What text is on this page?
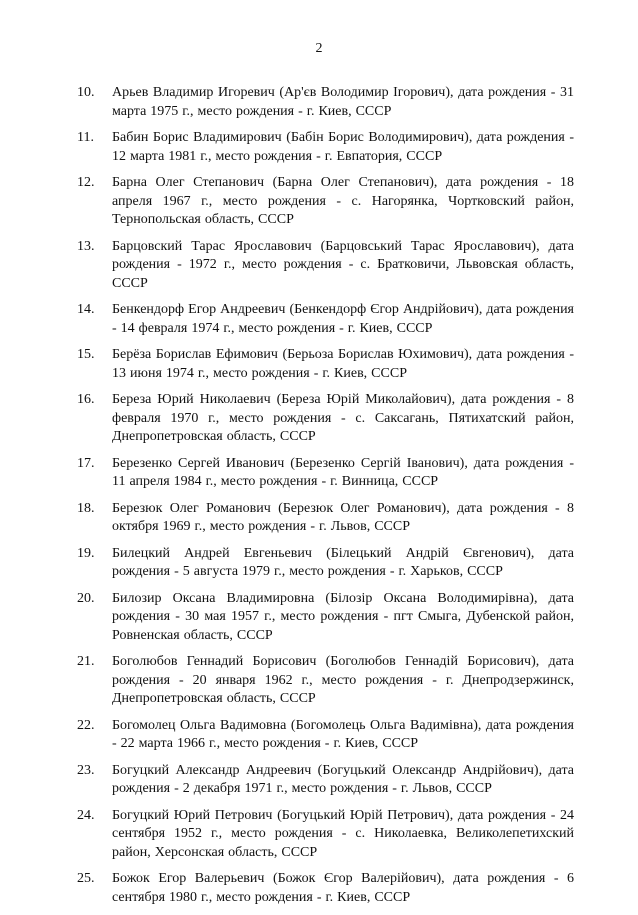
2
10.	Арьев Владимир Игоревич (Ар'єв Володимир Ігорович), дата рождения - 31 марта 1975 г., место рождения - г. Киев, СССР
11.	Бабин Борис Владимирович (Бабін Борис Володимирович), дата рождения - 12 марта 1981 г., место рождения - г. Евпатория, СССР
12.	Барна Олег Степанович (Барна Олег Степанович), дата рождения - 18 апреля 1967 г., место рождения - с. Нагорянка, Чортковский район, Тернопольская область, СССР
13.	Барцовский Тарас Ярославович (Барцовський Тарас Ярославович), дата рождения - 1972 г., место рождения - с. Братковичи, Львовская область, СССР
14.	Бенкендорф Егор Андреевич (Бенкендорф Єгор Андрійович), дата рождения - 14 февраля 1974 г., место рождения - г. Киев, СССР
15.	Берёза Борислав Ефимович (Берьоза Борислав Юхимович), дата рождения - 13 июня 1974 г., место рождения - г. Киев, СССР
16.	Береза Юрий Николаевич (Береза Юрій Миколайович), дата рождения - 8 февраля 1970 г., место рождения - с. Саксагань, Пятихатский район, Днепропетровская область, СССР
17.	Березенко Сергей Иванович (Березенко Сергій Іванович), дата рождения - 11 апреля 1984 г., место рождения - г. Винница, СССР
18.	Березюк Олег Романович (Березюк Олег Романович), дата рождения - 8 октября 1969 г., место рождения - г. Львов, СССР
19.	Билецкий Андрей Евгеньевич (Білецький Андрій Євгенович), дата рождения - 5 августа 1979 г., место рождения - г. Харьков, СССР
20.	Билозир Оксана Владимировна (Білозір Оксана Володимирівна), дата рождения - 30 мая 1957 г., место рождения - пгт Смыга, Дубенской район, Ровненская область, СССР
21.	Боголюбов Геннадий Борисович (Боголюбов Геннадій Борисович), дата рождения - 20 января 1962 г., место рождения - г. Днепродзержинск, Днепропетровская область, СССР
22.	Богомолец Ольга Вадимовна (Богомолець Ольга Вадимівна), дата рождения - 22 марта 1966 г., место рождения - г. Киев, СССР
23.	Богуцкий Александр Андреевич (Богуцький Олександр Андрійович), дата рождения - 2 декабря 1971 г., место рождения - г. Львов, СССР
24.	Богуцкий Юрий Петрович (Богуцький Юрій Петрович), дата рождения - 24 сентября 1952 г., место рождения - с. Николаевка, Великолепетихский район, Херсонская область, СССР
25.	Божок Егор Валерьевич (Божок Єгор Валерійович), дата рождения - 6 сентября 1980 г., место рождения - г. Киев, СССР
